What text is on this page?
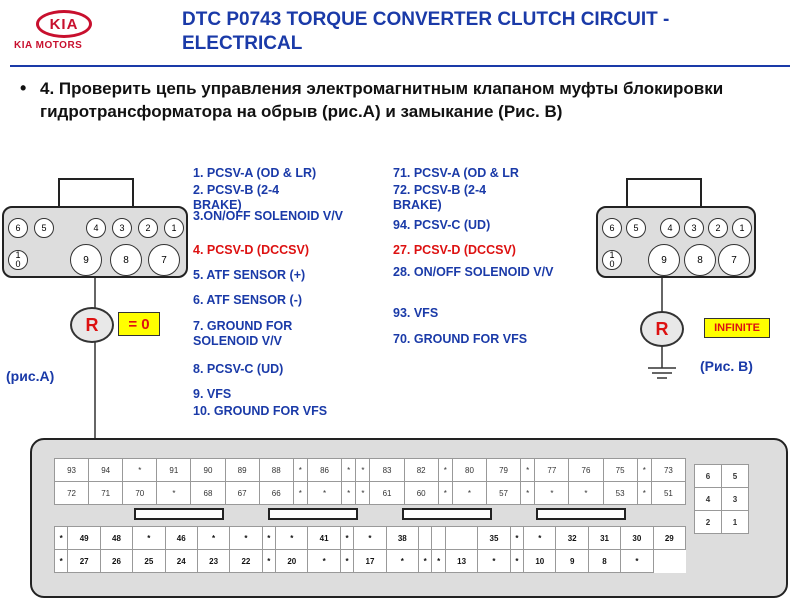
KIA
KIA MOTORS
DTC P0743 TORQUE CONVERTER CLUTCH CIRCUIT - ELECTRICAL
• 4. Проверить цепь управления электромагнитным клапаном муфты блокировки гидротрансформатора на обрыв (рис.А) и замыкание (Рис. В)
6	5	4	3	2	1
1
0	9	8	7
R	= 0
(рис.А)
6	5	4	3	2	1
1
0	9	8	7
R	INFINITE
(Рис. В)
1. PCSV-A (OD & LR)
2. PCSV-B (2-4 BRAKE)
3.ON/OFF SOLENOID V/V
4. PCSV-D (DCCSV)
5. ATF SENSOR (+)
6. ATF SENSOR (-)
7. GROUND FOR SOLENOID V/V
8. PCSV-C (UD)
9. VFS
10. GROUND FOR VFS
71. PCSV-A (OD & LR
72. PCSV-B (2-4 BRAKE)
94. PCSV-C (UD)
27. PCSV-D (DCCSV)
28. ON/OFF SOLENOID V/V
93. VFS
70. GROUND FOR VFS
93	94	*	91	90	89	88	*	86	*	*	83	82	*	80	79	*	77	76	75	*	73
72	71	70	*	68	67	66	*	*	*	*	61	60	*	*	57	*	*	*	53	*	51
*	49	48	*	46	*	*	*	*	41	*	*	38				35	*	*	32	31	30	29
*	27	26	25	24	23	22	*	20	*	*	17	*	*	*	13	*	*	10	9	8	*	
6	5
4	3
2	1
